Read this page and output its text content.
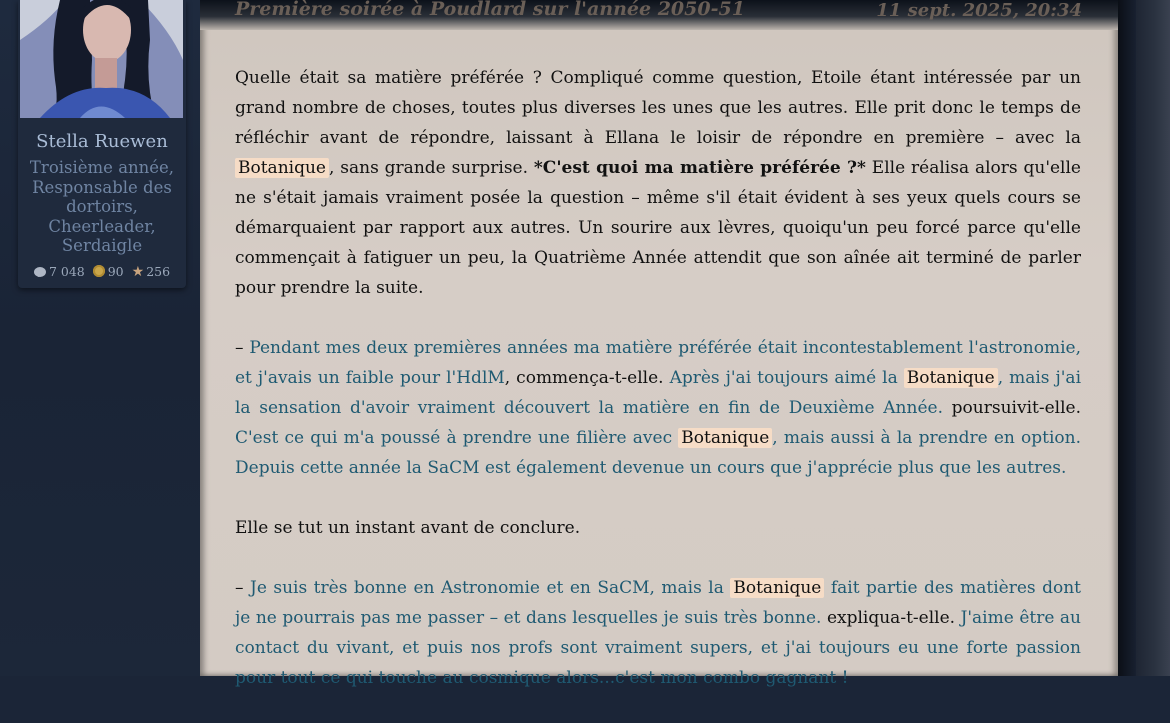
Stella Ruewen
Troisième année, Responsable des dortoirs, Cheerleader, Serdaigle
7 048 90 ★ 256
Première soirée à Poudlard sur l'année 2050-51	11 sept. 2025, 20:34

Quelle était sa matière préférée ? Compliqué comme question, Etoile étant intéressée par un grand nombre de choses, toutes plus diverses les unes que les autres. Elle prit donc le temps de réfléchir avant de répondre, laissant à Ellana le loisir de répondre en première – avec la Botanique , sans grande surprise. *C'est quoi ma matière préférée ?* Elle réalisa alors qu'elle ne s'était jamais vraiment posée la question – même s'il était évident à ses yeux quels cours se démarquaient par rapport aux autres. Un sourire aux lèvres, quoiqu'un peu forcé parce qu'elle commençait à fatiguer un peu, la Quatrième Année attendit que son aînée ait terminé de parler pour prendre la suite.

– Pendant mes deux premières années ma matière préférée était incontestablement l'astronomie, et j'avais un faible pour l'HdlM, commença-t-elle. Après j'ai toujours aimé la Botanique , mais j'ai la sensation d'avoir vraiment découvert la matière en fin de Deuxième Année. poursuivit-elle. C'est ce qui m'a poussé à prendre une filière avec Botanique , mais aussi à la prendre en option. Depuis cette année la SaCM est également devenue un cours que j'apprécie plus que les autres.

Elle se tut un instant avant de conclure.

– Je suis très bonne en Astronomie et en SaCM, mais la Botanique fait partie des matières dont je ne pourrais pas me passer – et dans lesquelles je suis très bonne. expliqua-t-elle. J'aime être au contact du vivant, et puis nos profs sont vraiment supers, et j'ai toujours eu une forte passion pour tout ce qui touche au cosmique alors...c'est mon combo gagnant !
